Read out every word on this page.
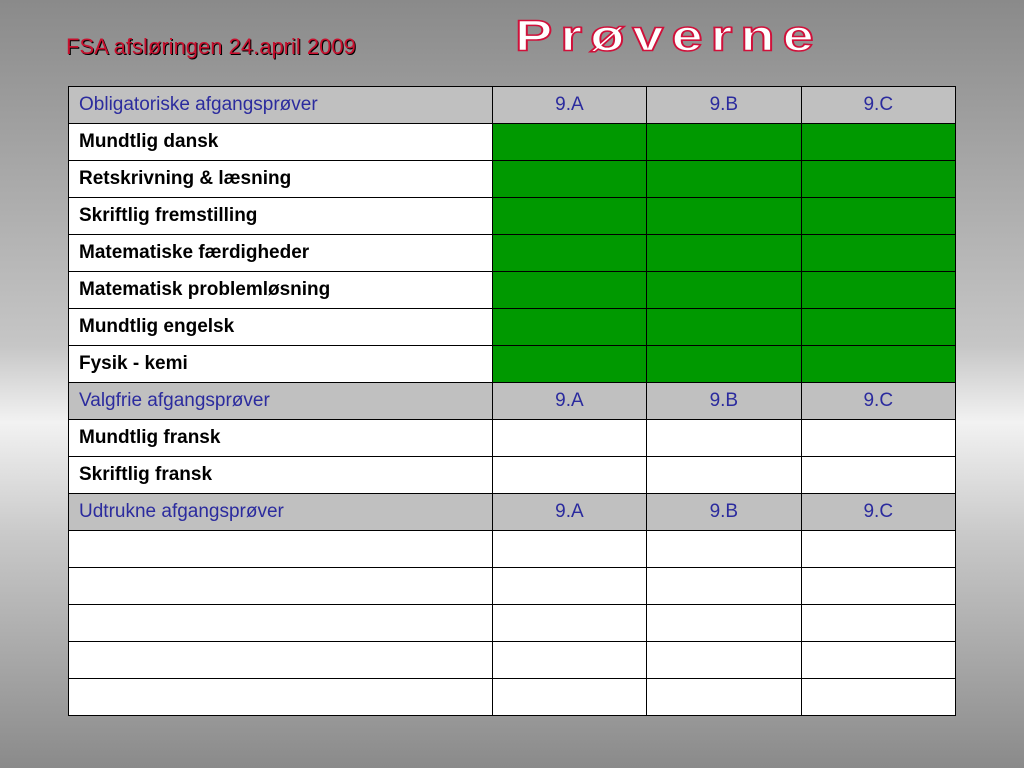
FSA afsløringen 24.april 2009	Prøverne
Obligatoriske afgangsprøver	9.A	9.B	9.C
Mundtlig dansk			
Retskrivning & læsning			
Skriftlig fremstilling			
Matematiske færdigheder			
Matematisk problemløsning			
Mundtlig engelsk			
Fysik - kemi			
Valgfrie afgangsprøver	9.A	9.B	9.C
Mundtlig fransk			
Skriftlig fransk			
Udtrukne afgangsprøver	9.A	9.B	9.C
